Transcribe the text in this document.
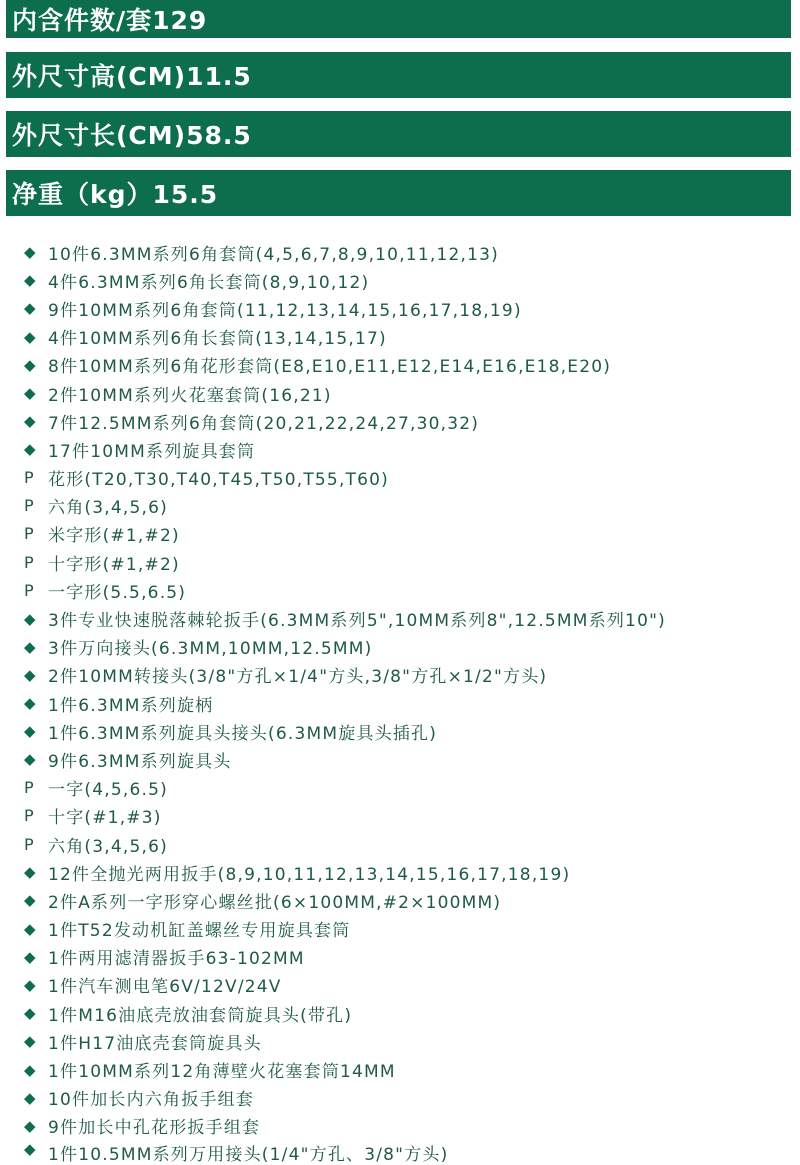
内含件数/套129
外尺寸高(CM)11.5
外尺寸长(CM)58.5
净重（kg）15.5
◆ 10件6.3MM系列6角套筒(4,5,6,7,8,9,10,11,12,13)
◆ 4件6.3MM系列6角长套筒(8,9,10,12)
◆ 9件10MM系列6角套筒(11,12,13,14,15,16,17,18,19)
◆ 4件10MM系列6角长套筒(13,14,15,17)
◆ 8件10MM系列6角花形套筒(E8,E10,E11,E12,E14,E16,E18,E20)
◆ 2件10MM系列火花塞套筒(16,21)
◆ 7件12.5MM系列6角套筒(20,21,22,24,27,30,32)
◆ 17件10MM系列旋具套筒
P 花形(T20,T30,T40,T45,T50,T55,T60)
P 六角(3,4,5,6)
P 米字形(#1,#2)
P 十字形(#1,#2)
P 一字形(5.5,6.5)
◆ 3件专业快速脱落棘轮扳手(6.3MM系列5",10MM系列8",12.5MM系列10")
◆ 3件万向接头(6.3MM,10MM,12.5MM)
◆ 2件10MM转接头(3/8"方孔×1/4"方头,3/8"方孔×1/2"方头)
◆ 1件6.3MM系列旋柄
◆ 1件6.3MM系列旋具头接头(6.3MM旋具头插孔)
◆ 9件6.3MM系列旋具头
P 一字(4,5,6.5)
P 十字(#1,#3)
P 六角(3,4,5,6)
◆ 12件全抛光两用扳手(8,9,10,11,12,13,14,15,16,17,18,19)
◆ 2件A系列一字形穿心螺丝批(6×100MM,#2×100MM)
◆ 1件T52发动机缸盖螺丝专用旋具套筒
◆ 1件两用滤清器扳手63-102MM
◆ 1件汽车测电笔6V/12V/24V
◆ 1件M16油底壳放油套筒旋具头(带孔)
◆ 1件H17油底壳套筒旋具头
◆ 1件10MM系列12角薄壁火花塞套筒14MM
◆ 10件加长内六角扳手组套
◆ 9件加长中孔花形扳手组套
◆ 1件10.5MM系列万用接头(1/4"方孔、3/8"方头)
